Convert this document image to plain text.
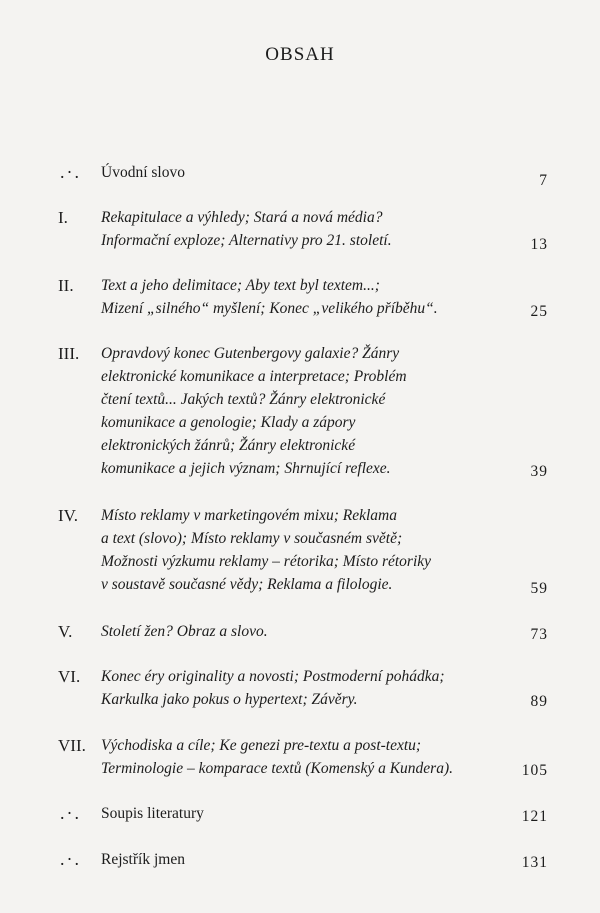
OBSAH
.·. Úvodní slovo	7
I. Rekapitulace a výhledy; Stará a nová média?
Informační exploze; Alternativy pro 21. století.	13
II. Text a jeho delimitace; Aby text byl textem...;
Mizení „silného“ myšlení; Konec „velikého příběhu“.	25
III. Opravdový konec Gutenbergovy galaxie? Žánry
elektronické komunikace a interpretace; Problém
čtení textů... Jakých textů? Žánry elektronické
komunikace a genologie; Klady a zápory
elektronických žánrů; Žánry elektronické
komunikace a jejich význam; Shrnující reflexe.	39
IV. Místo reklamy v marketingovém mixu; Reklama
a text (slovo); Místo reklamy v současném světě;
Možnosti výzkumu reklamy – rétorika; Místo rétoriky
v soustavě současné vědy; Reklama a filologie.	59
V. Století žen? Obraz a slovo.	73
VI. Konec éry originality a novosti; Postmoderní pohádka;
Karkulka jako pokus o hypertext; Závěry.	89
VII. Východiska a cíle; Ke genezi pre-textu a post-textu;
Terminologie – komparace textů (Komenský a Kundera).	105
.·. Soupis literatury	121
.·. Rejstřík jmen	131
